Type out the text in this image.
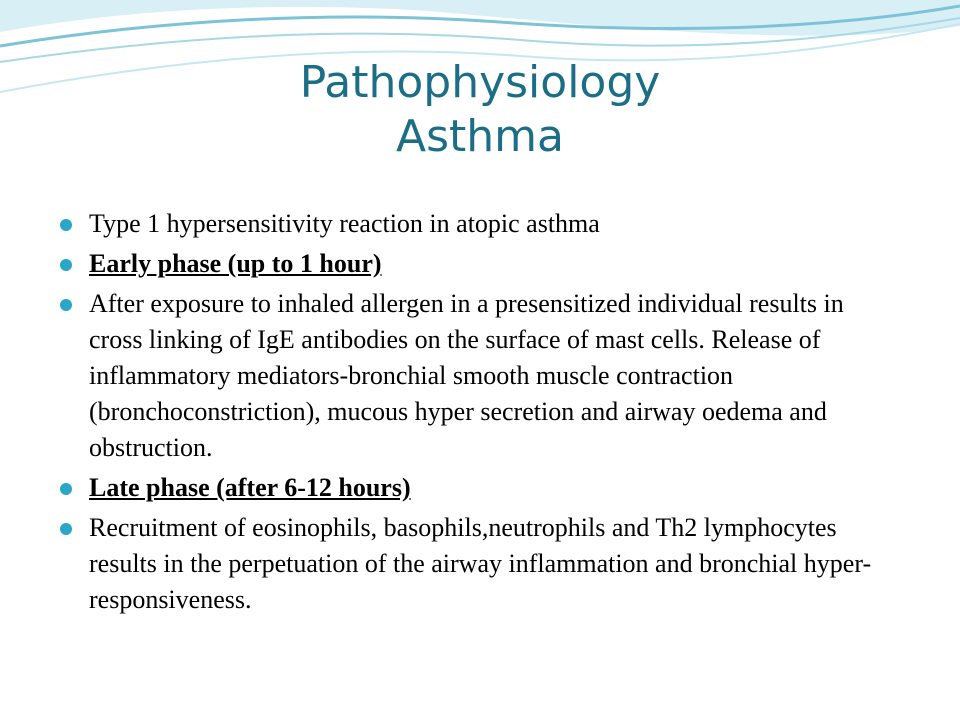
Pathophysiology
Asthma
Type 1 hypersensitivity reaction in atopic asthma
Early phase (up to 1 hour)
After exposure to inhaled allergen in a presensitized individual results in cross linking of IgE antibodies on the surface of mast cells. Release of inflammatory mediators-bronchial smooth muscle contraction (bronchoconstriction), mucous hyper secretion and airway oedema and obstruction.
Late phase (after 6-12 hours)
Recruitment of eosinophils, basophils,neutrophils and Th2 lymphocytes results in the perpetuation of the airway inflammation and bronchial hyper-responsiveness.
